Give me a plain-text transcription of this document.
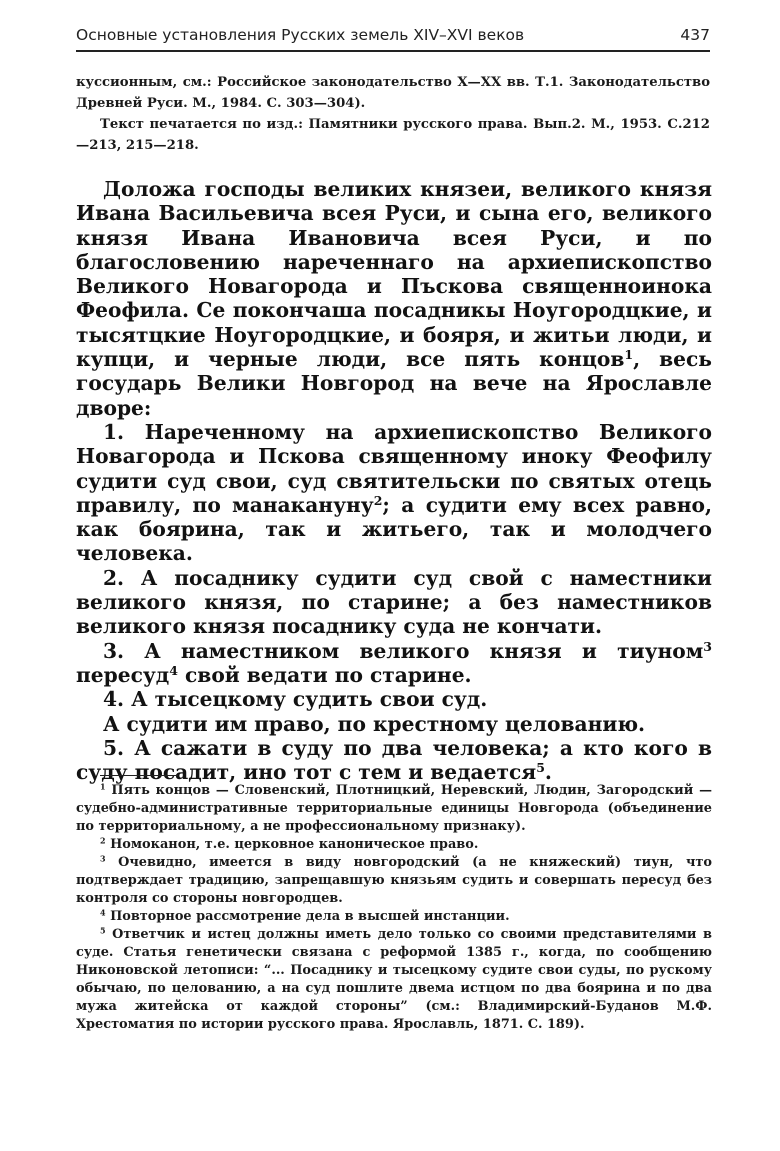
Основные установления Русских земель XIV–XVI веков	437

куссионным, см.: Российское законодательство X—XX вв. Т.1. Законодательство Древней Руси. М., 1984. С. 303—304).

Текст печатается по изд.: Памятники русского права. Вып.2. М., 1953. С.212—213, 215—218.

Доложа господы великих князеи, великого князя Ивана Васильевича всея Руси, и сына его, великого князя Ивана Ивановича всея Руси, и по благословению нареченнаго на архиепископство Великого Новагорода и Пъскова священноинока Феофила. Се покончаша посадникы Ноугородцкие, и тысятцкие Ноугородцкие, и бояря, и житьи люди, и купци, и черные люди, все пять концов$^1$, весь государь Велики Новгород на вече на Ярославле дворе:

1. Нареченному на архиепископство Великого Новагорода и Пскова священному иноку Феофилу судити суд свои, суд святительски по святых отець правилу, по манакануну$^2$; а судити ему всех равно, как боярина, так и житьего, так и молодчего человека.

2. А посаднику судити суд свой с наместники великого князя, по старине; а без наместников великого князя посаднику суда не кончати.

3. А наместником великого князя и тиуном$^3$ пересуд$^4$ свой ведати по старине.

4. А тысецкому судить свои суд.

А судити им право, по крестному целованию.

5. А сажати в суду по два человека; а кто кого в суду посадит, ино тот с тем и ведается$^5$.

$^1$ Пять концов — Словенский, Плотницкий, Неревский, Людин, Загородский — судебно-административные территориальные единицы Новгорода (объединение по территориальному, а не профессиональному признаку).

$^2$ Номоканон, т.е. церковное каноническое право.

$^3$ Очевидно, имеется в виду новгородский (а не княжеский) тиун, что подтверждает традицию, запрещавшую князьям судить и совершать пересуд без контроля со стороны новгородцев.

$^4$ Повторное рассмотрение дела в высшей инстанции.

$^5$ Ответчик и истец должны иметь дело только со своими представителями в суде. Статья генетически связана с реформой 1385 г., когда, по сообщению Никоновской летописи: “... Посаднику и тысецкому судите свои суды, по рускому обычаю, по целованию, а на суд пошлите двема истцом по два боярина и по два мужа житейска от каждой стороны” (см.: Владимирский-Буданов М.Ф. Хрестоматия по истории русского права. Ярославль, 1871. С. 189).
